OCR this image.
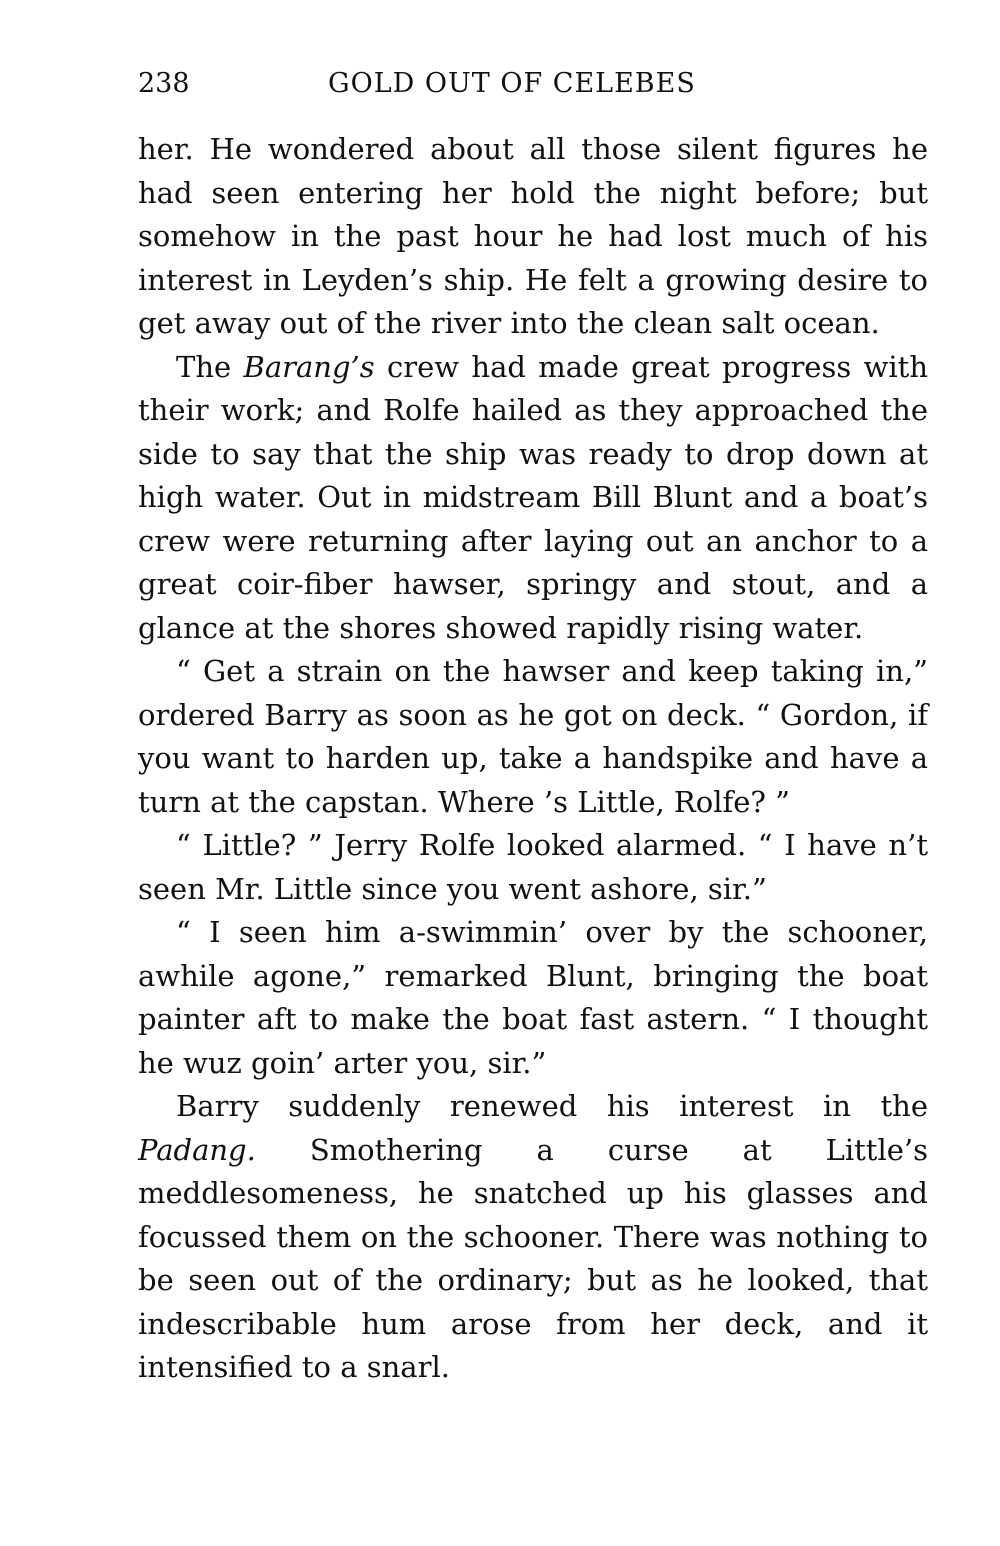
238	GOLD OUT OF CELEBES

her. He wondered about all those silent figures he had seen entering her hold the night before; but somehow in the past hour he had lost much of his interest in Leyden’s ship. He felt a growing desire to get away out of the river into the clean salt ocean.

The Barang’s crew had made great progress with their work; and Rolfe hailed as they approached the side to say that the ship was ready to drop down at high water. Out in midstream Bill Blunt and a boat’s crew were returning after laying out an anchor to a great coir-fiber hawser, springy and stout, and a glance at the shores showed rapidly rising water.

“ Get a strain on the hawser and keep taking in,” ordered Barry as soon as he got on deck. “ Gordon, if you want to harden up, take a handspike and have a turn at the capstan. Where ’s Little, Rolfe? ”

“ Little? ” Jerry Rolfe looked alarmed. “ I have n’t seen Mr. Little since you went ashore, sir.”

“ I seen him a-swimmin’ over by the schooner, awhile agone,” remarked Blunt, bringing the boat painter aft to make the boat fast astern. “ I thought he wuz goin’ arter you, sir.”

Barry suddenly renewed his interest in the Padang. Smothering a curse at Little’s meddlesomeness, he snatched up his glasses and focussed them on the schooner. There was nothing to be seen out of the ordinary; but as he looked, that indescribable hum arose from her deck, and it intensified to a snarl.
